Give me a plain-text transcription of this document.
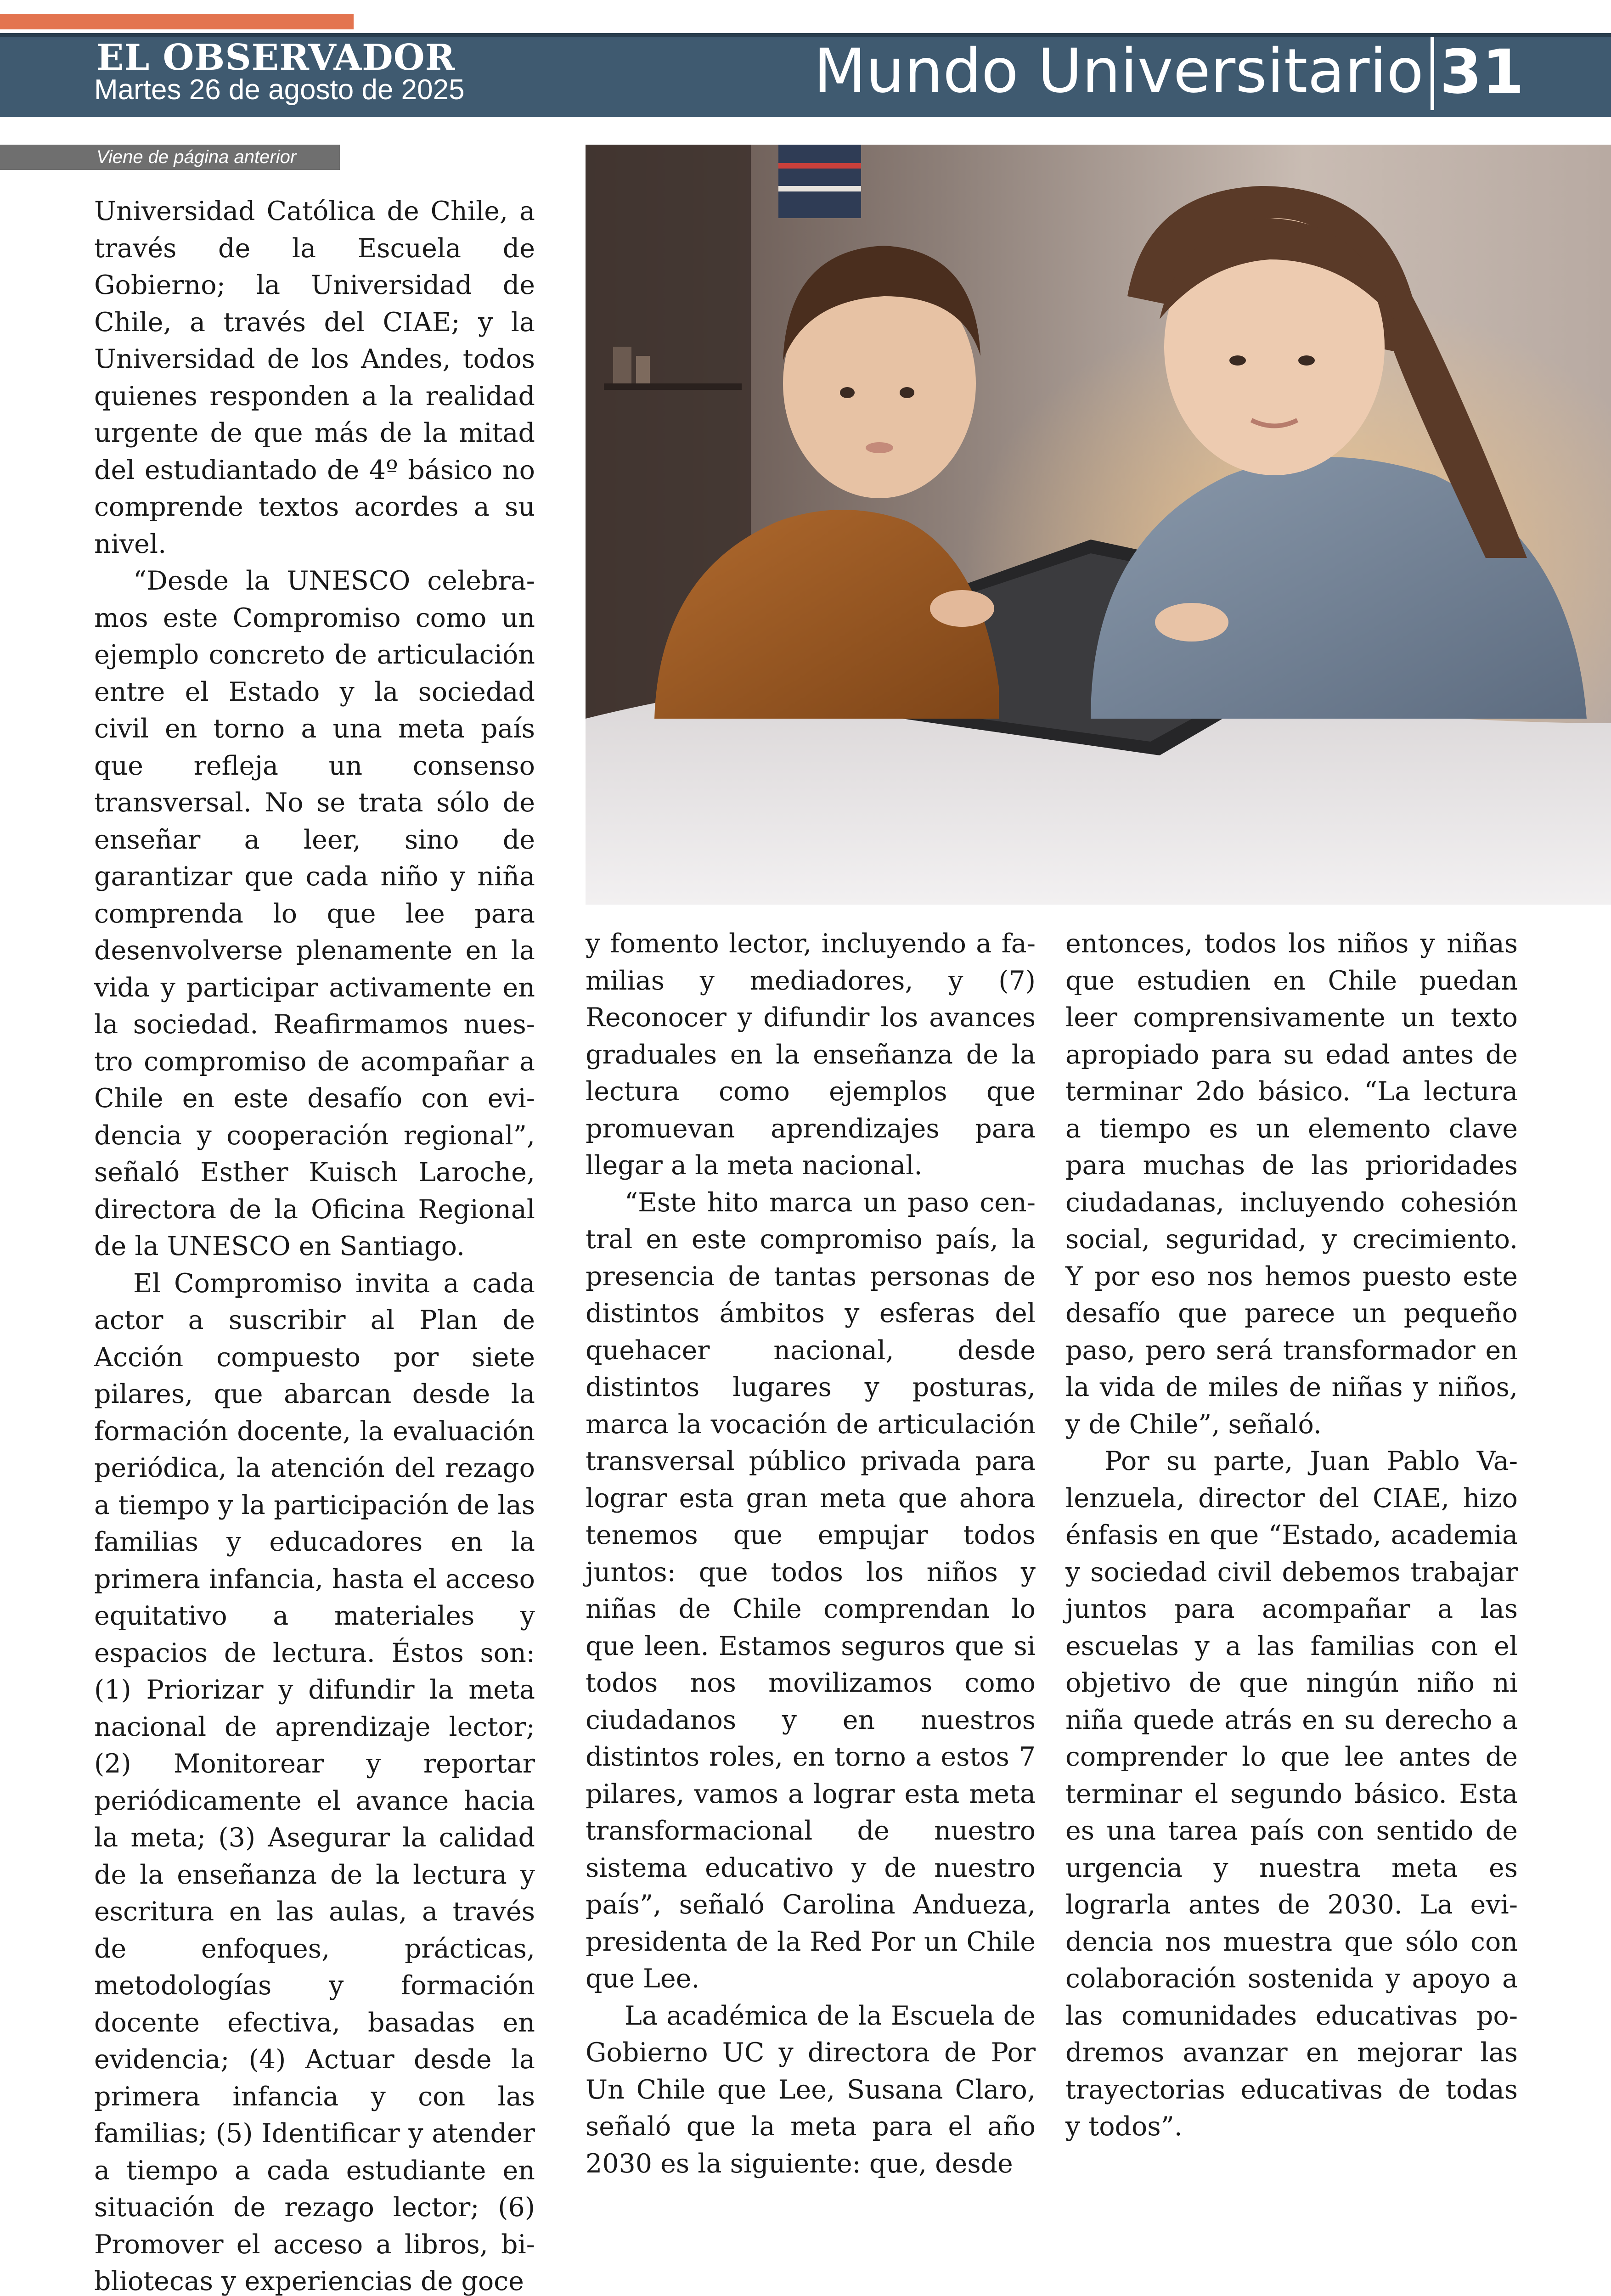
EL OBSERVADOR
Martes 26 de agosto de 2025	Mundo Universitario 31
Viene de página anterior

Universidad Católica de Chile, a través de la Escuela de Gobierno; la Universidad de Chile, a través del CIAE; y la Universidad de los Andes, todos quienes responden a la realidad urgente de que más de la mitad del estudiantado de 4º básico no comprende textos acordes a su nivel.

“Desde la UNESCO celebramos este Compromiso como un ejemplo concreto de articulación entre el Estado y la sociedad civil en torno a una meta país que refleja un consenso transversal. No se trata sólo de enseñar a leer, sino de garantizar que cada niño y niña comprenda lo que lee para desenvolverse plenamente en la vida y participar activamente en la sociedad. Reafirmamos nuestro compromiso de acompañar a Chile en este desafío con evidencia y cooperación regional”, señaló Esther Kuisch Laroche, directora de la Oficina Regional de la UNESCO en Santiago.

El Compromiso invita a cada actor a suscribir al Plan de Acción compuesto por siete pilares, que abarcan desde la formación docente, la evaluación periódica, la atención del rezago a tiempo y la participación de las familias y educadores en la primera infancia, hasta el acceso equitativo a materiales y espacios de lectura. Éstos son: (1) Priorizar y difundir la meta nacional de aprendizaje lector; (2) Monitorear y reportar periódicamente el avance hacia la meta; (3) Asegurar la calidad de la enseñanza de la lectura y escritura en las aulas, a través de enfoques, prácticas, metodologías y formación docente efectiva, basadas en evidencia; (4) Actuar desde la primera infancia y con las familias; (5) Identificar y atender a tiempo a cada estudiante en situación de rezago lector; (6) Promover el acceso a libros, bibliotecas y experiencias de goce

y fomento lector, incluyendo a familias y mediadores, y (7) Reconocer y difundir los avances graduales en la enseñanza de la lectura como ejemplos que promuevan aprendizajes para llegar a la meta nacional.

“Este hito marca un paso central en este compromiso país, la presencia de tantas personas de distintos ámbitos y esferas del quehacer nacional, desde distintos lugares y posturas, marca la vocación de articulación transversal público privada para lograr esta gran meta que ahora tenemos que empujar todos juntos: que todos los niños y niñas de Chile comprendan lo que leen. Estamos seguros que si todos nos movilizamos como ciudadanos y en nuestros distintos roles, en torno a estos 7 pilares, vamos a lograr esta meta transformacional de nuestro sistema educativo y de nuestro país”, señaló Carolina Andueza, presidenta de la Red Por un Chile que Lee.

La académica de la Escuela de Gobierno UC y directora de Por Un Chile que Lee, Susana Claro, señaló que la meta para el año 2030 es la siguiente: que, desde

entonces, todos los niños y niñas que estudien en Chile puedan leer comprensivamente un texto apropiado para su edad antes de terminar 2do básico. “La lectura a tiempo es un elemento clave para muchas de las prioridades ciudadanas, incluyendo cohesión social, seguridad, y crecimiento. Y por eso nos hemos puesto este desafío que parece un pequeño paso, pero será transformador en la vida de miles de niñas y niños, y de Chile”, señaló.

Por su parte, Juan Pablo Valenzuela, director del CIAE, hizo énfasis en que “Estado, academia y sociedad civil debemos trabajar juntos para acompañar a las escuelas y a las familias con el objetivo de que ningún niño ni niña quede atrás en su derecho a comprender lo que lee antes de terminar el segundo básico. Esta es una tarea país con sentido de urgencia y nuestra meta es lograrla antes de 2030. La evidencia nos muestra que sólo con colaboración sostenida y apoyo a las comunidades educativas podremos avanzar en mejorar las trayectorias educativas de todas y todos”.
